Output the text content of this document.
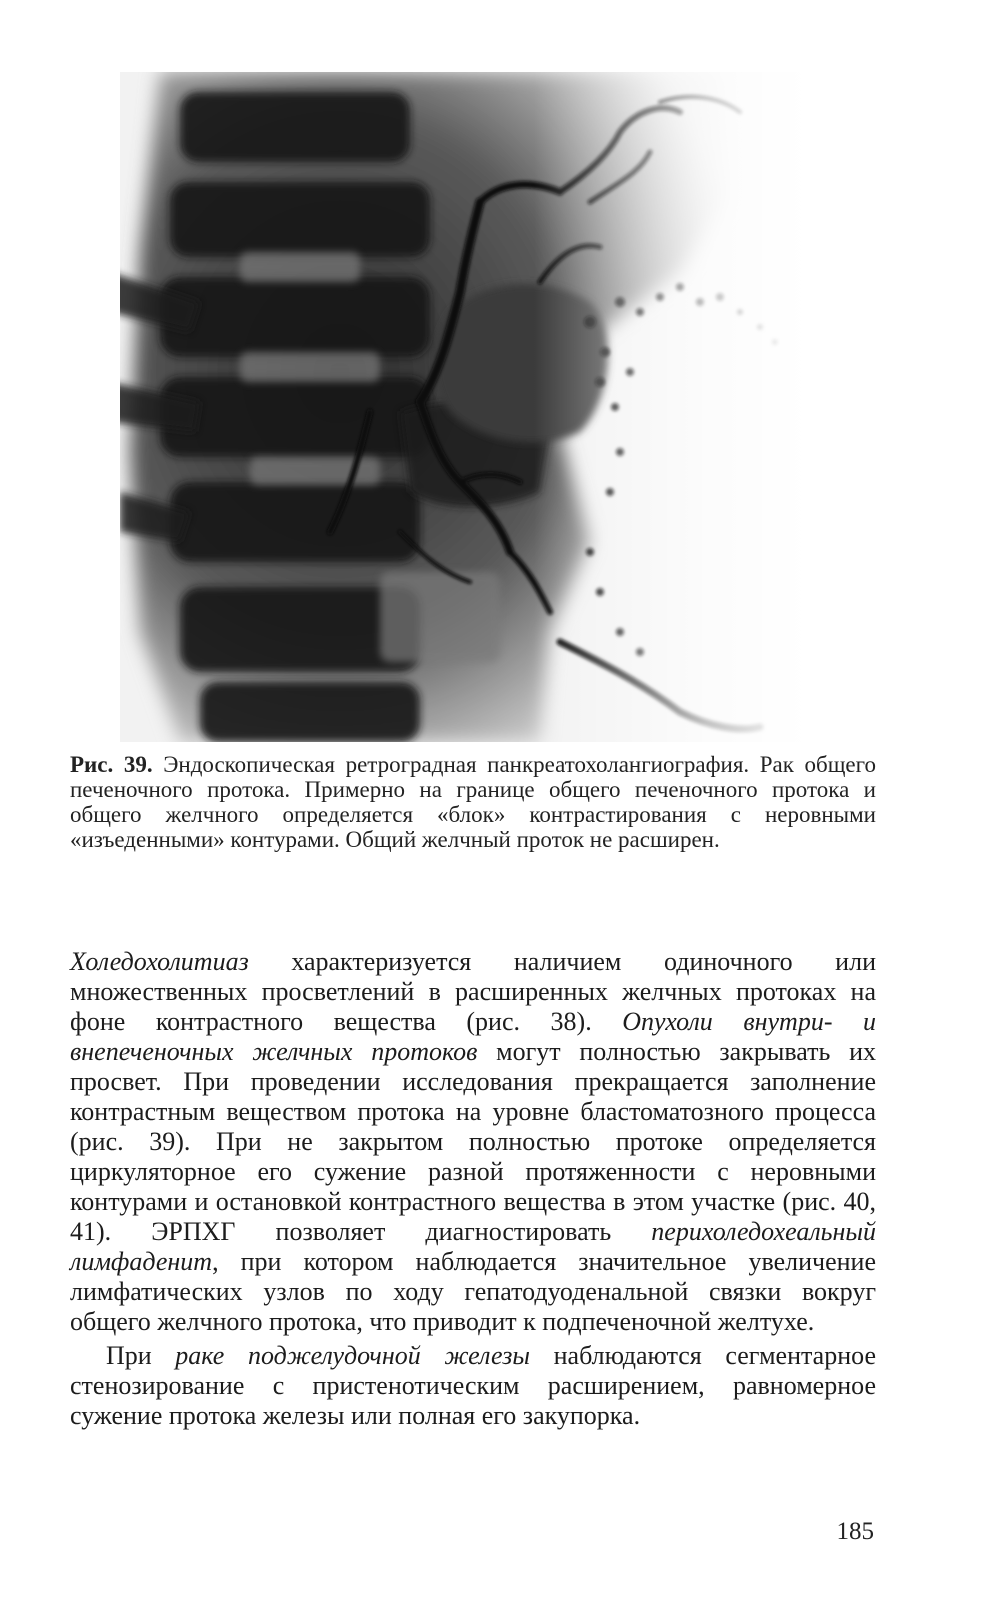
Рис. 39. Эндоскопическая ретроградная панкреатохолангиография. Рак общего печеночного протока. Примерно на границе общего печеночного протока и общего желчного определяется «блок» контрастирования с неровными «изъеденными» контурами. Общий желчный проток не расширен.

Холедохолитиаз характеризуется наличием одиночного или множественных просветлений в расширенных желчных протоках на фоне контрастного вещества (рис. 38). Опухоли внутри- и внепеченочных желчных протоков могут полностью закрывать их просвет. При проведении исследования прекращается заполнение контрастным веществом протока на уровне бластоматозного процесса (рис. 39). При не закрытом полностью протоке определяется циркуляторное его сужение разной протяженности с неровными контурами и остановкой контрастного вещества в этом участке (рис. 40, 41). ЭРПХГ позволяет диагностировать перихоледохеальный лимфаденит, при котором наблюдается значительное увеличение лимфатических узлов по ходу гепатодуоденальной связки вокруг общего желчного протока, что приводит к подпеченочной желтухе.

При раке поджелудочной железы наблюдаются сегментарное стенозирование с пристенотическим расширением, равномерное сужение протока железы или полная его закупорка.

185
